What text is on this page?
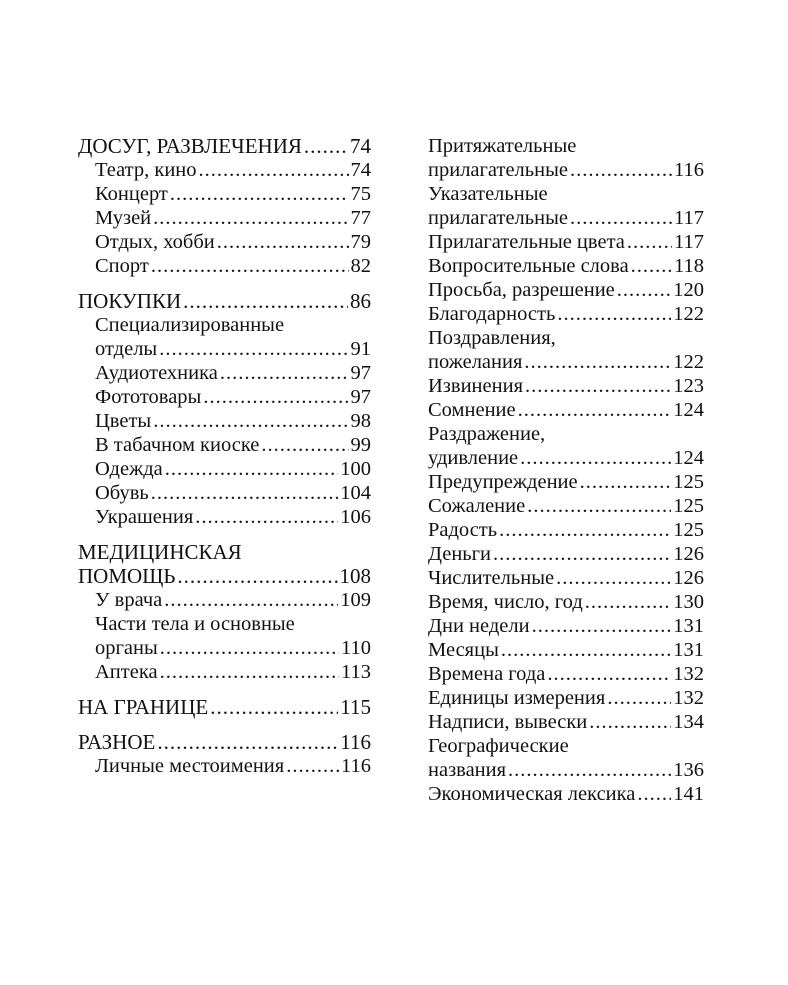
ДОСУГ, РАЗВЛЕЧЕНИЯ ..... 74
Театр, кино .....	74
Концерт .....	75
Музей .....	77
Отдых, хобби .....	79
Спорт .....	82
ПОКУПКИ .....	86
Специализированные
отделы .....	91
Аудиотехника .....	97
Фототовары .....	97
Цветы .....	98
В табачном киоске .....	99
Одежда .....	100
Обувь .....	104
Украшения .....	106
МЕДИЦИНСКАЯ
ПОМОЩЬ .....	108
У врача .....	109
Части тела и основные
органы .....	110
Аптека .....	113
НА ГРАНИЦЕ .....	115
РАЗНОЕ .....	116
Личные местоимения .....	116
Притяжательные
прилагательные .....	116
Указательные
прилагательные .....	117
Прилагательные цвета ..... 117
Вопросительные слова ..... 118
Просьба, разрешение .....	120
Благодарность .....	122
Поздравления,
пожелания .....	122
Извинения .....	123
Сомнение .....	124
Раздражение,
удивление .....	124
Предупреждение .....	125
Сожаление .....	125
Радость .....	125
Деньги .....	126
Числительные .....	126
Время, число, год .....	130
Дни недели .....	131
Месяцы .....	131
Времена года .....	132
Единицы измерения .....	132
Надписи, вывески .....	134
Географические
названия .....	136
Экономическая лексика ..... 141
